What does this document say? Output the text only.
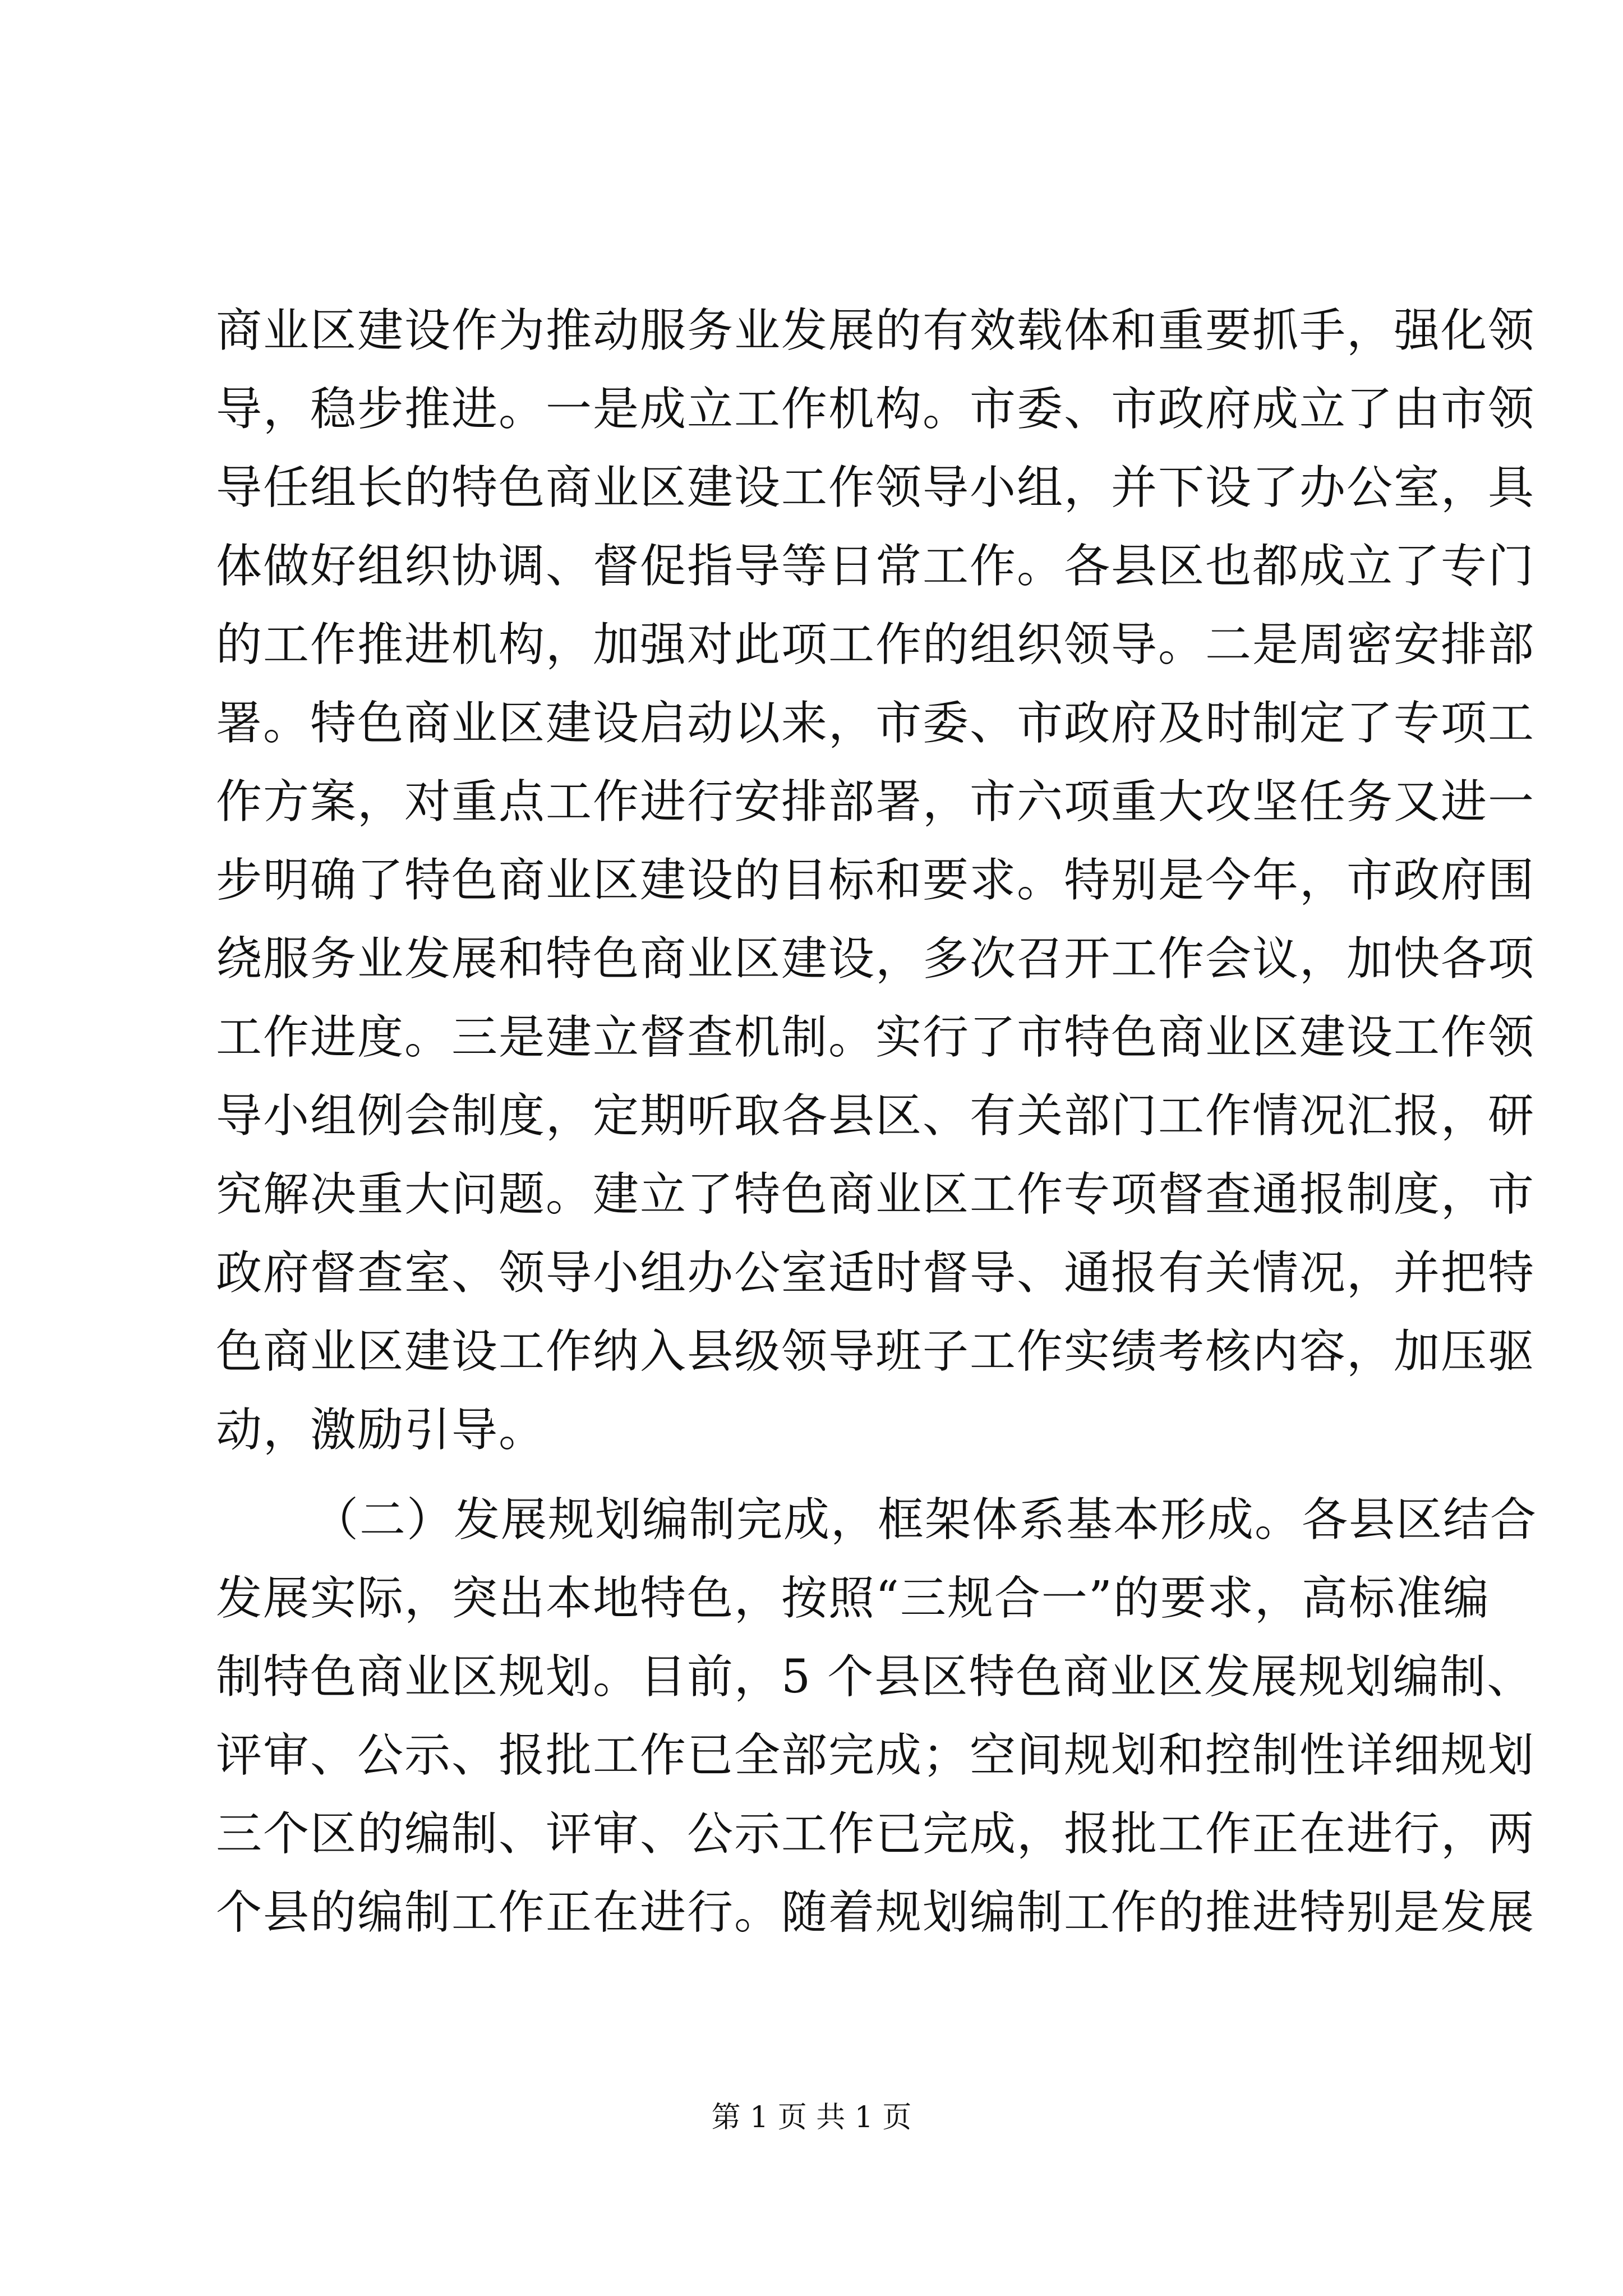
商业区建设作为推动服务业发展的有效载体和重要抓手，强化领
导，稳步推进。一是成立工作机构。市委、市政府成立了由市领
导任组长的特色商业区建设工作领导小组，并下设了办公室，具
体做好组织协调、督促指导等日常工作。各县区也都成立了专门
的工作推进机构，加强对此项工作的组织领导。二是周密安排部
署。特色商业区建设启动以来，市委、市政府及时制定了专项工
作方案，对重点工作进行安排部署，市六项重大攻坚任务又进一
步明确了特色商业区建设的目标和要求。特别是今年，市政府围
绕服务业发展和特色商业区建设，多次召开工作会议，加快各项
工作进度。三是建立督查机制。实行了市特色商业区建设工作领
导小组例会制度，定期听取各县区、有关部门工作情况汇报，研
究解决重大问题。建立了特色商业区工作专项督查通报制度，市
政府督查室、领导小组办公室适时督导、通报有关情况，并把特
色商业区建设工作纳入县级领导班子工作实绩考核内容，加压驱
动，激励引导。
（二）发展规划编制完成，框架体系基本形成。各县区结合
发展实际，突出本地特色，按照“三规合一”的要求，高标准编
制特色商业区规划。目前，5 个县区特色商业区发展规划编制、
评审、公示、报批工作已全部完成；空间规划和控制性详细规划
三个区的编制、评审、公示工作已完成，报批工作正在进行，两
个县的编制工作正在进行。随着规划编制工作的推进特别是发展
第 1 页 共 1 页
